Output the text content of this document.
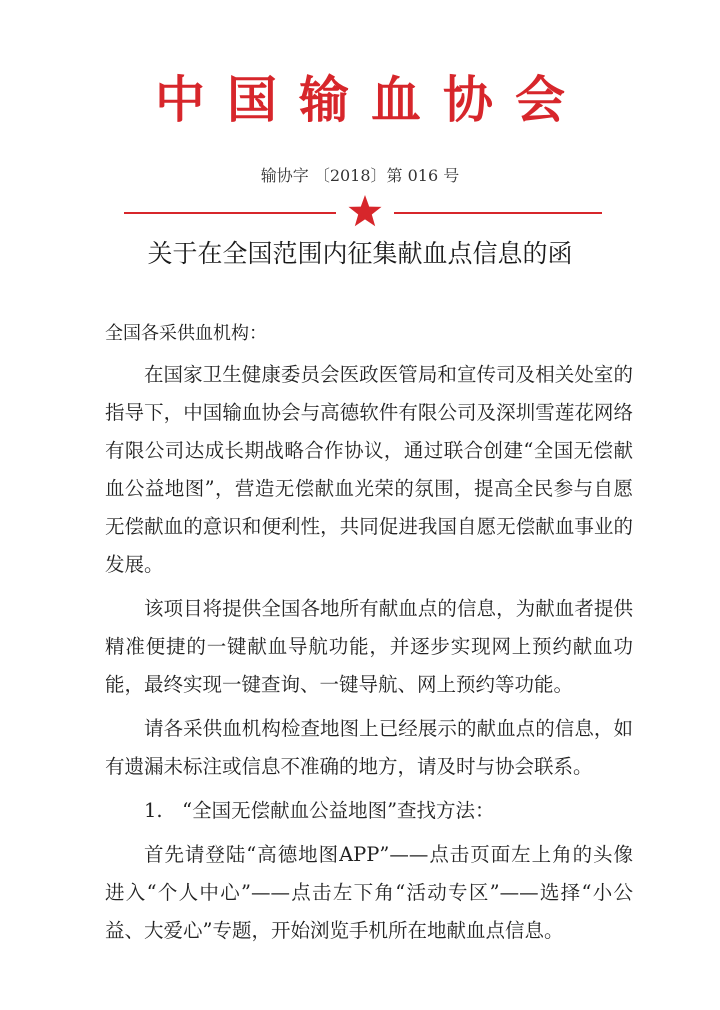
中国输血协会
输协字 〔2018〕第 016 号
关于在全国范围内征集献血点信息的函
全国各采供血机构：

在国家卫生健康委员会医政医管局和宣传司及相关处室的指导下，中国输血协会与高德软件有限公司及深圳雪莲花网络有限公司达成长期战略合作协议，通过联合创建“全国无偿献血公益地图”，营造无偿献血光荣的氛围，提高全民参与自愿无偿献血的意识和便利性，共同促进我国自愿无偿献血事业的发展。

该项目将提供全国各地所有献血点的信息，为献血者提供精准便捷的一键献血导航功能，并逐步实现网上预约献血功能，最终实现一键查询、一键导航、网上预约等功能。

请各采供血机构检查地图上已经展示的献血点的信息，如有遗漏未标注或信息不准确的地方，请及时与协会联系。

1.　“全国无偿献血公益地图”查找方法：

首先请登陆“高德地图APP”——点击页面左上角的头像进入“个人中心”——点击左下角“活动专区”——选择“小公益、大爱心”专题，开始浏览手机所在地献血点信息。
